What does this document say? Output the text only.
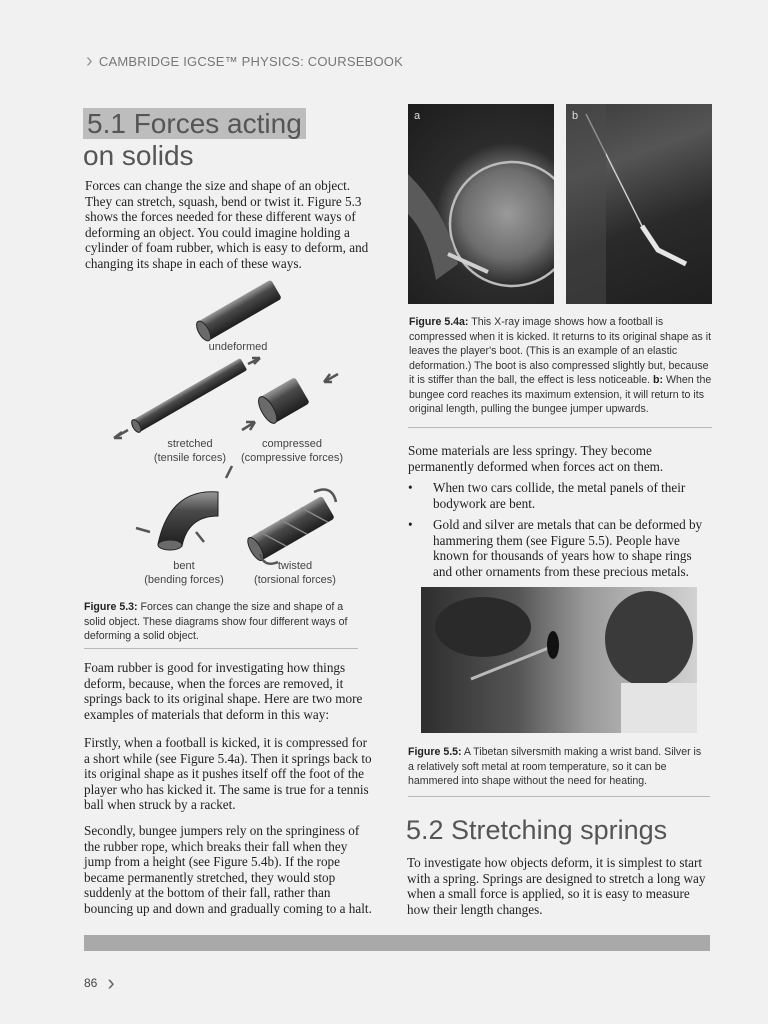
› CAMBRIDGE IGCSE™ PHYSICS: COURSEBOOK
5.1 Forces acting
on solids
Forces can change the size and shape of an object. They can stretch, squash, bend or twist it. Figure 5.3 shows the forces needed for these different ways of deforming an object. You could imagine holding a cylinder of foam rubber, which is easy to deform, and changing its shape in each of these ways.
undeformed
stretched
(tensile forces)
compressed
(compressive forces)
bent
(bending forces)
twisted
(torsional forces)
Figure 5.3: Forces can change the size and shape of a solid object. These diagrams show four different ways of deforming a solid object.
Foam rubber is good for investigating how things deform, because, when the forces are removed, it springs back to its original shape. Here are two more examples of materials that deform in this way:
Firstly, when a football is kicked, it is compressed for a short while (see Figure 5.4a). Then it springs back to its original shape as it pushes itself off the foot of the player who has kicked it. The same is true for a tennis ball when struck by a racket.
Secondly, bungee jumpers rely on the springiness of the rubber rope, which breaks their fall when they jump from a height (see Figure 5.4b). If the rope became permanently stretched, they would stop suddenly at the bottom of their fall, rather than bouncing up and down and gradually coming to a halt.
a	b
Figure 5.4a: This X-ray image shows how a football is compressed when it is kicked. It returns to its original shape as it leaves the player's boot. (This is an example of an elastic deformation.) The boot is also compressed slightly but, because it is stiffer than the ball, the effect is less noticeable. b: When the bungee cord reaches its maximum extension, it will return to its original length, pulling the bungee jumper upwards.
Some materials are less springy. They become permanently deformed when forces act on them.
• When two cars collide, the metal panels of their bodywork are bent.
• Gold and silver are metals that can be deformed by hammering them (see Figure 5.5). People have known for thousands of years how to shape rings and other ornaments from these precious metals.
Figure 5.5: A Tibetan silversmith making a wrist band. Silver is a relatively soft metal at room temperature, so it can be hammered into shape without the need for heating.
5.2 Stretching springs
To investigate how objects deform, it is simplest to start with a spring. Springs are designed to stretch a long way when a small force is applied, so it is easy to measure how their length changes.
86 ›
